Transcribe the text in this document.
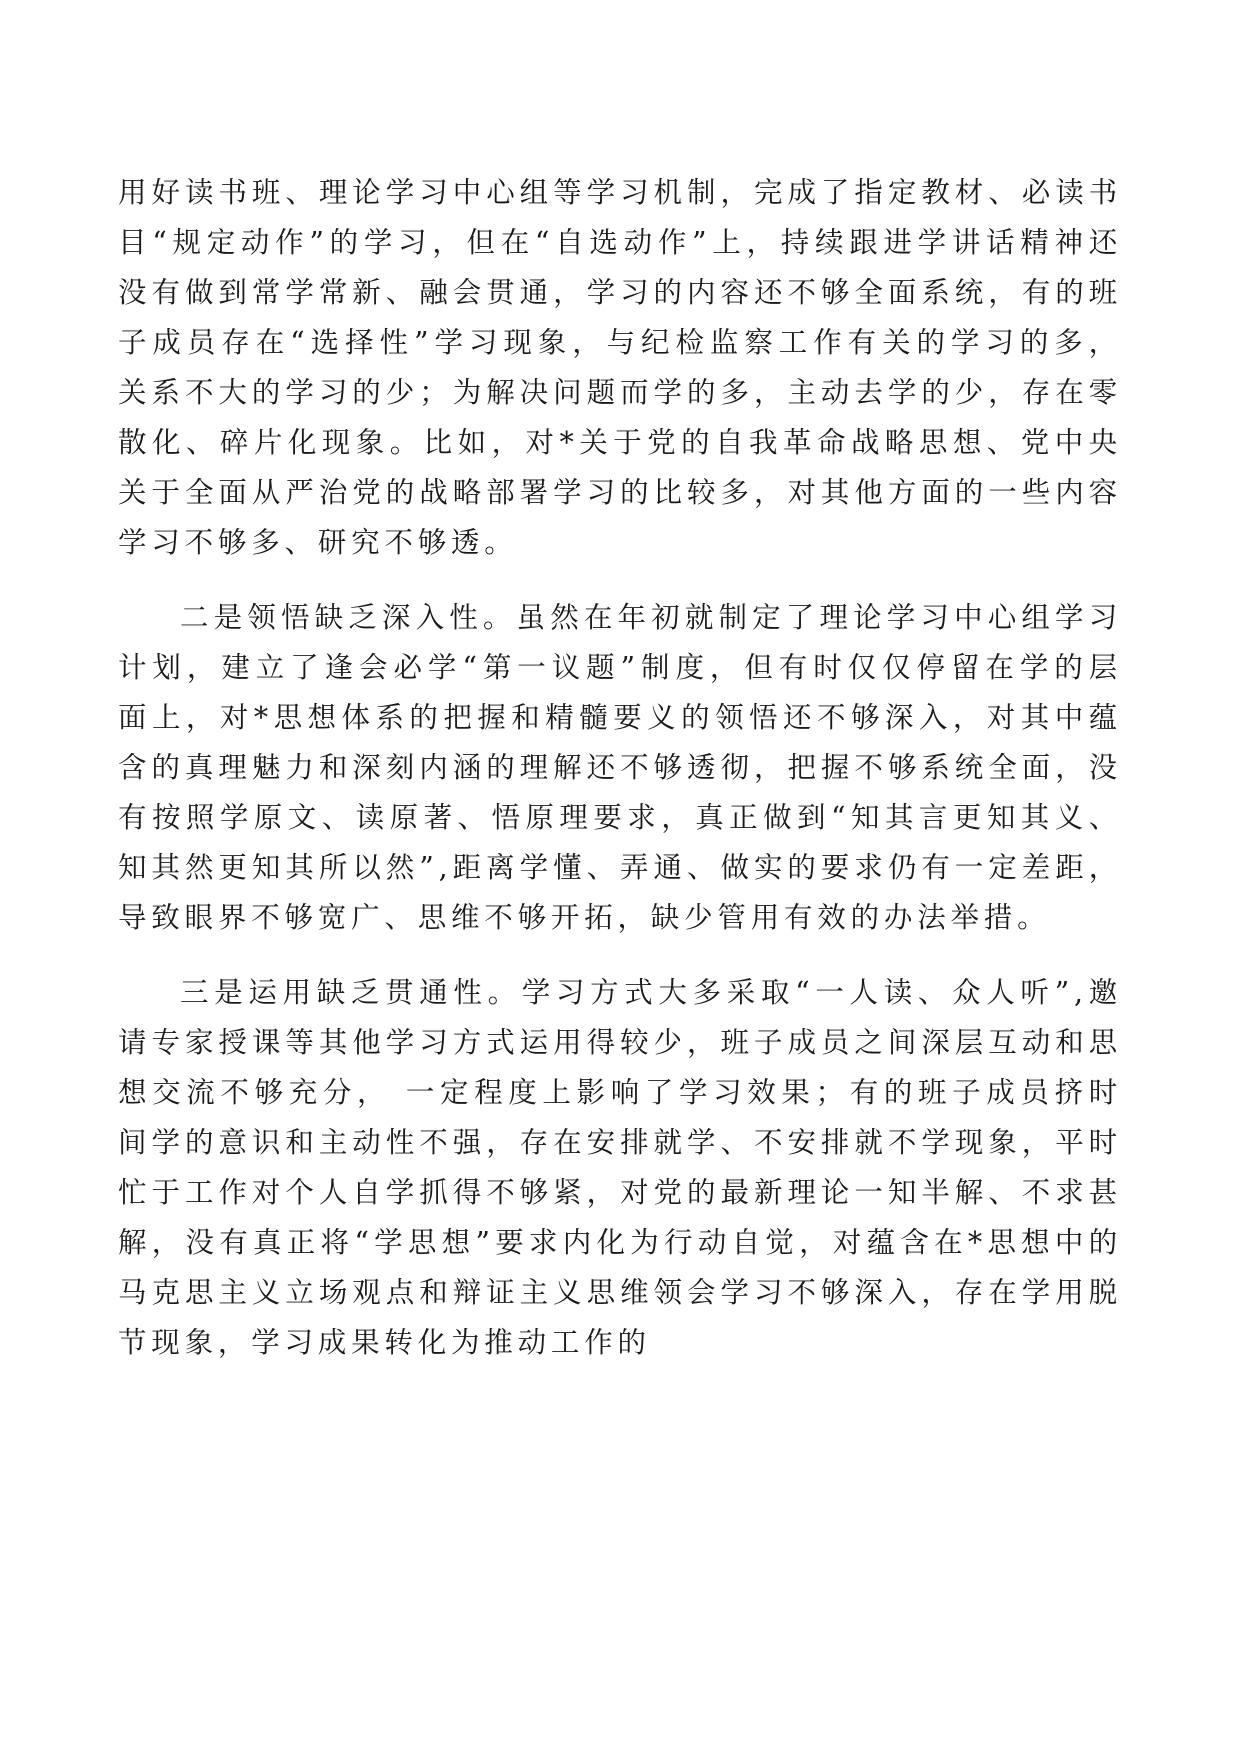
用好读书班、理论学习中心组等学习机制，完成了指定教材、必读书目“规定动作”的学习，但在“自选动作”上，持续跟进学讲话精神还没有做到常学常新、融会贯通，学习的内容还不够全面系统，有的班子成员存在“选择性”学习现象，与纪检监察工作有关的学习的多，关系不大的学习的少；为解决问题而学的多，主动去学的少，存在零散化、碎片化现象。比如，对*关于党的自我革命战略思想、党中央关于全面从严治党的战略部署学习的比较多，对其他方面的一些内容学习不够多、研究不够透。

二是领悟缺乏深入性。虽然在年初就制定了理论学习中心组学习计划，建立了逢会必学“第一议题”制度，但有时仅仅停留在学的层面上，对*思想体系的把握和精髓要义的领悟还不够深入，对其中蕴含的真理魅力和深刻内涵的理解还不够透彻，把握不够系统全面，没有按照学原文、读原著、悟原理要求，真正做到“知其言更知其义、知其然更知其所以然”,距离学懂、弄通、做实的要求仍有一定差距，导致眼界不够宽广、思维不够开拓，缺少管用有效的办法举措。

三是运用缺乏贯通性。学习方式大多采取“一人读、众人听”,邀请专家授课等其他学习方式运用得较少，班子成员之间深层互动和思想交流不够充分， 一定程度上影响了学习效果；有的班子成员挤时间学的意识和主动性不强，存在安排就学、不安排就不学现象，平时忙于工作对个人自学抓得不够紧，对党的最新理论一知半解、不求甚解，没有真正将“学思想”要求内化为行动自觉，对蕴含在*思想中的马克思主义立场观点和辩证主义思维领会学习不够深入，存在学用脱节现象，学习成果转化为推动工作的
